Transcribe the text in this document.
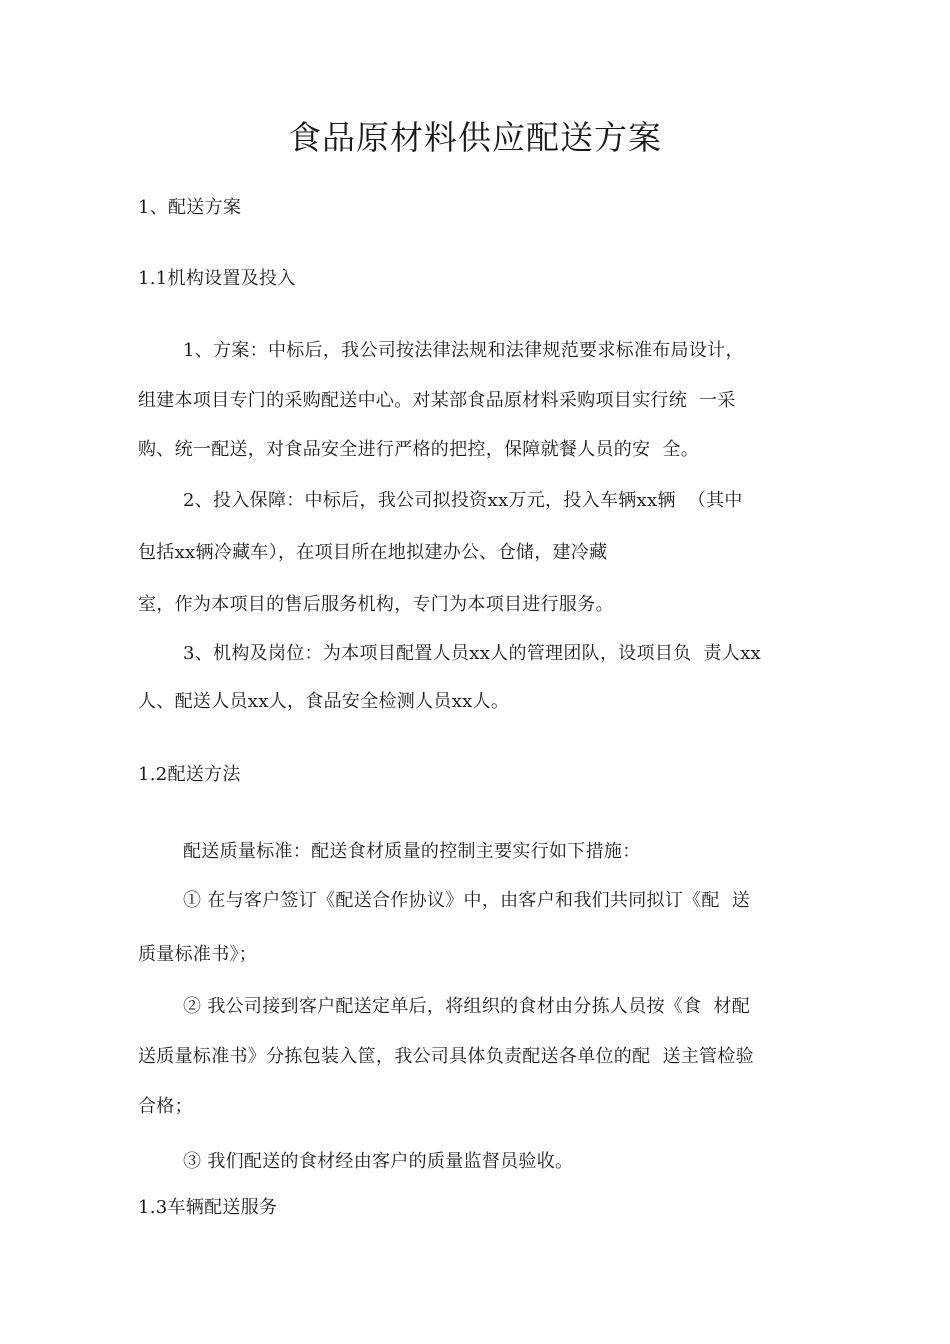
食品原材料供应配送方案
1、配送方案
1.1机构设置及投入
1、方案：中标后，我公司按法律法规和法律规范要求标准布局设计，
组建本项目专门的采购配送中心。对某部食品原材料采购项目实行统  一采
购、统一配送，对食品安全进行严格的把控，保障就餐人员的安  全。
2、投入保障：中标后，我公司拟投资xx万元，投入车辆xx辆  （其中
包括xx辆冷藏车），在项目所在地拟建办公、仓储，建冷藏
室，作为本项目的售后服务机构，专门为本项目进行服务。
3、机构及岗位：为本项目配置人员xx人的管理团队，设项目负  责人xx
人、配送人员xx人，食品安全检测人员xx人。
1.2配送方法
配送质量标准：配送食材质量的控制主要实行如下措施：
① 在与客户签订《配送合作协议》中，由客户和我们共同拟订《配  送
质量标准书》；
② 我公司接到客户配送定单后，将组织的食材由分拣人员按《食  材配
送质量标准书》分拣包装入筐，我公司具体负责配送各单位的配  送主管检验
合格；
③ 我们配送的食材经由客户的质量监督员验收。
1.3车辆配送服务
